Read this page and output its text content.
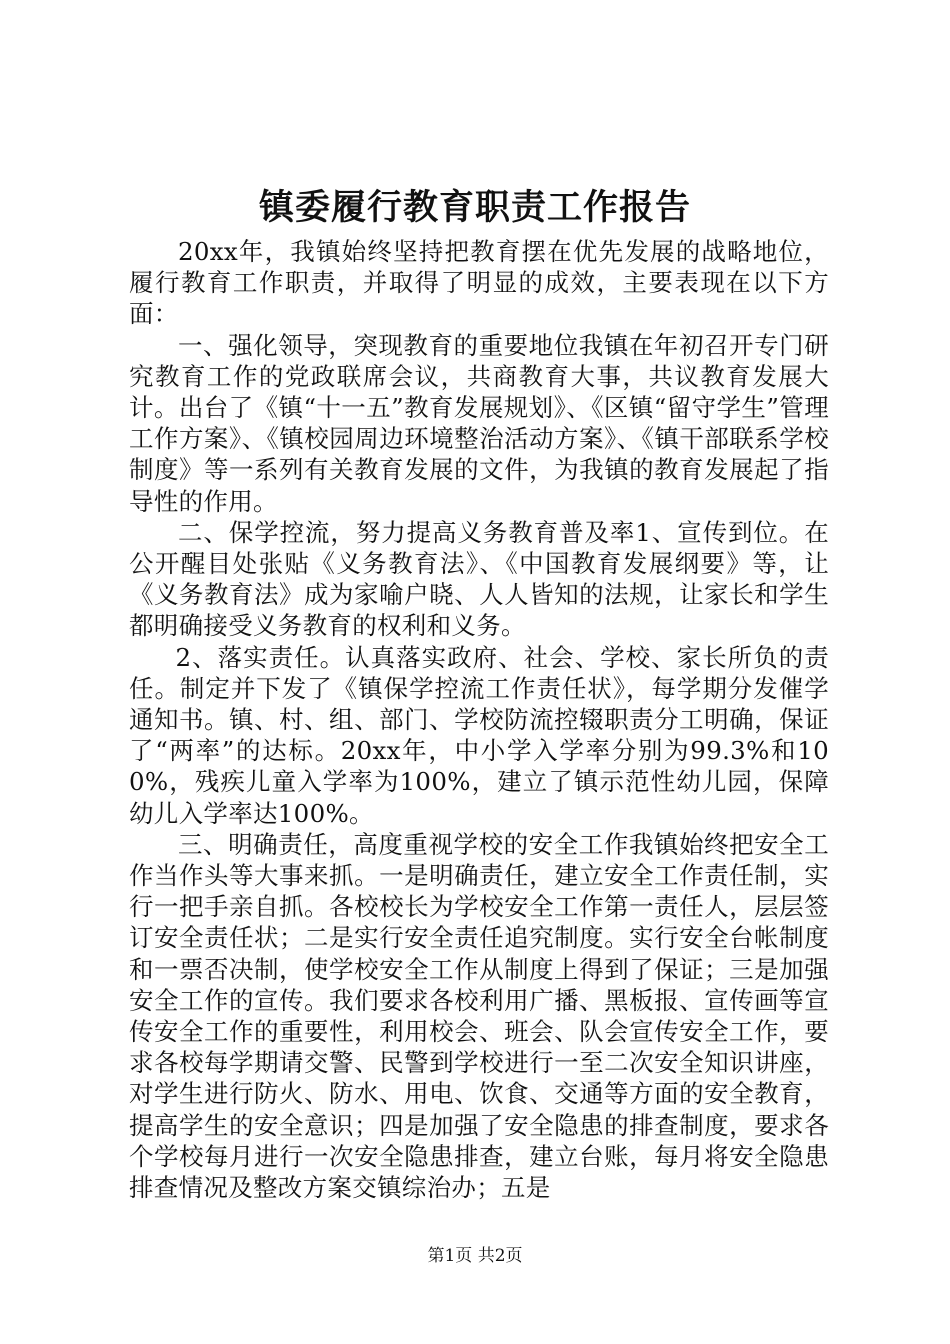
镇委履行教育职责工作报告

20xx年，我镇始终坚持把教育摆在优先发展的战略地位，履行教育工作职责，并取得了明显的成效，主要表现在以下方面：

一、强化领导，突现教育的重要地位我镇在年初召开专门研究教育工作的党政联席会议，共商教育大事，共议教育发展大计。出台了《镇“十一五”教育发展规划》、《区镇“留守学生”管理工作方案》、《镇校园周边环境整治活动方案》、《镇干部联系学校制度》等一系列有关教育发展的文件，为我镇的教育发展起了指导性的作用。

二、保学控流，努力提高义务教育普及率1、宣传到位。在公开醒目处张贴《义务教育法》、《中国教育发展纲要》等，让《义务教育法》成为家喻户晓、人人皆知的法规，让家长和学生都明确接受义务教育的权利和义务。

2、落实责任。认真落实政府、社会、学校、家长所负的责任。制定并下发了《镇保学控流工作责任状》，每学期分发催学通知书。镇、村、组、部门、学校防流控辍职责分工明确，保证了“两率”的达标。20xx年，中小学入学率分别为99.3%和100%，残疾儿童入学率为100%，建立了镇示范性幼儿园，保障幼儿入学率达100%。

三、明确责任，高度重视学校的安全工作我镇始终把安全工作当作头等大事来抓。一是明确责任，建立安全工作责任制，实行一把手亲自抓。各校校长为学校安全工作第一责任人，层层签订安全责任状；二是实行安全责任追究制度。实行安全台帐制度和一票否决制，使学校安全工作从制度上得到了保证；三是加强安全工作的宣传。我们要求各校利用广播、黑板报、宣传画等宣传安全工作的重要性，利用校会、班会、队会宣传安全工作，要求各校每学期请交警、民警到学校进行一至二次安全知识讲座，对学生进行防火、防水、用电、饮食、交通等方面的安全教育，提高学生的安全意识；四是加强了安全隐患的排查制度，要求各个学校每月进行一次安全隐患排查，建立台账，每月将安全隐患排查情况及整改方案交镇综治办；五是

第1页 共2页
